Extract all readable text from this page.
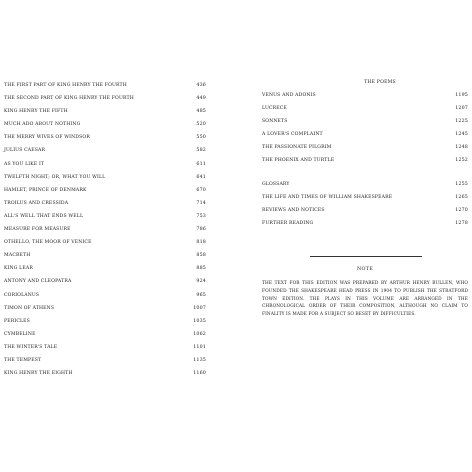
THE FIRST PART OF KING HENRY THE FOURTH	436
THE SECOND PART OF KING HENRY THE FOURTH	449
KING HENRY THE FIFTH	485
MUCH ADO ABOUT NOTHING	520
THE MERRY WIVES OF WINDSOR	550
JULIUS CAESAR	582
AS YOU LIKE IT	611
TWELFTH NIGHT; OR, WHAT YOU WILL	641
HAMLET, PRINCE OF DENMARK	670
TROILUS AND CRESSIDA	714
ALL'S WELL THAT ENDS WELL	753
MEASURE FOR MEASURE	786
OTHELLO, THE MOOR OF VENICE	818
MACBETH	858
KING LEAR	885
ANTONY AND CLEOPATRA	924
CORIOLANUS	965
TIMON OF ATHENS	1007
PERICLES	1035
CYMBELINE	1062
THE WINTER'S TALE	1101
THE TEMPEST	1135
KING HENRY THE EIGHTH	1160
THE POEMS
VENUS AND ADONIS	1195
LUCRECE	1207
SONNETS	1225
A LOVER'S COMPLAINT	1245
THE PASSIONATE PILGRIM	1248
THE PHOENIX AND TURTLE	1252
GLOSSARY	1255
THE LIFE AND TIMES OF WILLIAM SHAKESPEARE	1265
REVIEWS AND NOTICES	1270
FURTHER READING	1278
NOTE
THE TEXT FOR THIS EDITION WAS PREPARED BY ARTHUR HENRY BULLEN, WHO FOUNDED THE SHAKESPEARE HEAD PRESS IN 1904 TO PUBLISH THE STRATFORD TOWN EDITION. THE PLAYS IN THIS VOLUME ARE ARRANGED IN THE CHRONOLOGICAL ORDER OF THEIR COMPOSITION, ALTHOUGH NO CLAIM TO FINALITY IS MADE FOR A SUBJECT SO BESET BY DIFFICULTIES.
